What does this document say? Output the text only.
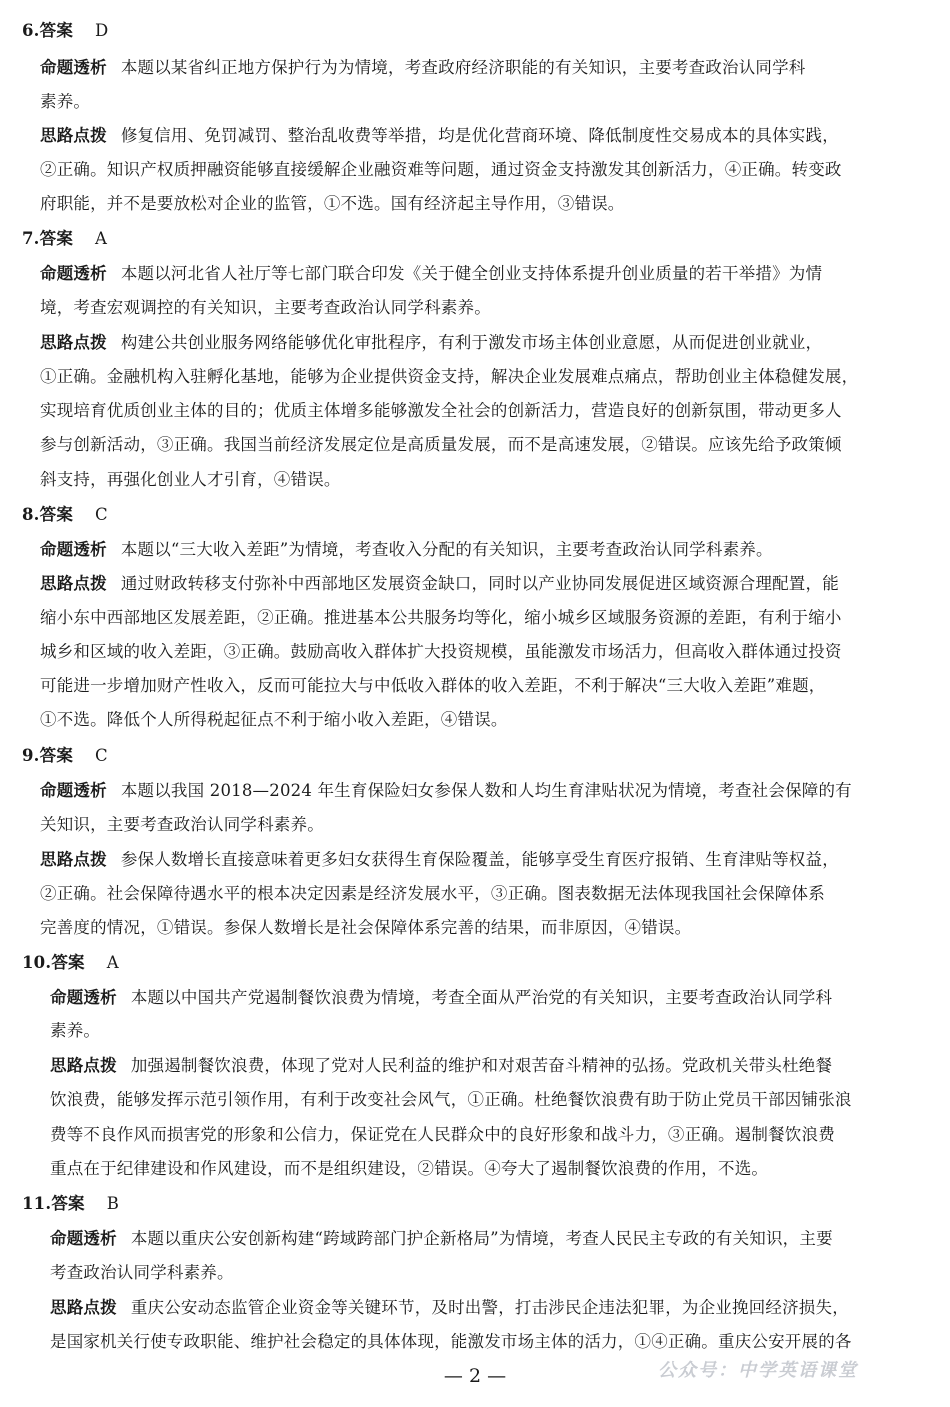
6.答案 D
命题透析 本题以某省纠正地方保护行为为情境，考查政府经济职能的有关知识，主要考查政治认同学科
素养。
思路点拨 修复信用、免罚减罚、整治乱收费等举措，均是优化营商环境、降低制度性交易成本的具体实践，
②正确。知识产权质押融资能够直接缓解企业融资难等问题，通过资金支持激发其创新活力，④正确。转变政
府职能，并不是要放松对企业的监管，①不选。国有经济起主导作用，③错误。
7.答案 A
命题透析 本题以河北省人社厅等七部门联合印发《关于健全创业支持体系提升创业质量的若干举措》为情
境，考查宏观调控的有关知识，主要考查政治认同学科素养。
思路点拨 构建公共创业服务网络能够优化审批程序，有利于激发市场主体创业意愿，从而促进创业就业，
①正确。金融机构入驻孵化基地，能够为企业提供资金支持，解决企业发展难点痛点，帮助创业主体稳健发展，
实现培育优质创业主体的目的；优质主体增多能够激发全社会的创新活力，营造良好的创新氛围，带动更多人
参与创新活动，③正确。我国当前经济发展定位是高质量发展，而不是高速发展，②错误。应该先给予政策倾
斜支持，再强化创业人才引育，④错误。
8.答案 C
命题透析 本题以“三大收入差距”为情境，考查收入分配的有关知识，主要考查政治认同学科素养。
思路点拨 通过财政转移支付弥补中西部地区发展资金缺口，同时以产业协同发展促进区域资源合理配置，能
缩小东中西部地区发展差距，②正确。推进基本公共服务均等化，缩小城乡区域服务资源的差距，有利于缩小
城乡和区域的收入差距，③正确。鼓励高收入群体扩大投资规模，虽能激发市场活力，但高收入群体通过投资
可能进一步增加财产性收入，反而可能拉大与中低收入群体的收入差距，不利于解决“三大收入差距”难题，
①不选。降低个人所得税起征点不利于缩小收入差距，④错误。
9.答案 C
命题透析 本题以我国 2018—2024 年生育保险妇女参保人数和人均生育津贴状况为情境，考查社会保障的有
关知识，主要考查政治认同学科素养。
思路点拨 参保人数增长直接意味着更多妇女获得生育保险覆盖，能够享受生育医疗报销、生育津贴等权益，
②正确。社会保障待遇水平的根本决定因素是经济发展水平，③正确。图表数据无法体现我国社会保障体系
完善度的情况，①错误。参保人数增长是社会保障体系完善的结果，而非原因，④错误。
10.答案 A
命题透析 本题以中国共产党遏制餐饮浪费为情境，考查全面从严治党的有关知识，主要考查政治认同学科
素养。
思路点拨 加强遏制餐饮浪费，体现了党对人民利益的维护和对艰苦奋斗精神的弘扬。党政机关带头杜绝餐
饮浪费，能够发挥示范引领作用，有利于改变社会风气，①正确。杜绝餐饮浪费有助于防止党员干部因铺张浪
费等不良作风而损害党的形象和公信力，保证党在人民群众中的良好形象和战斗力，③正确。遏制餐饮浪费
重点在于纪律建设和作风建设，而不是组织建设，②错误。④夸大了遏制餐饮浪费的作用，不选。
11.答案 B
命题透析 本题以重庆公安创新构建“跨域跨部门护企新格局”为情境，考查人民民主专政的有关知识，主要
考查政治认同学科素养。
思路点拨 重庆公安动态监管企业资金等关键环节，及时出警，打击涉民企违法犯罪，为企业挽回经济损失，
是国家机关行使专政职能、维护社会稳定的具体体现，能激发市场主体的活力，①④正确。重庆公安开展的各
— 2 —	公众号：中学英语课堂
